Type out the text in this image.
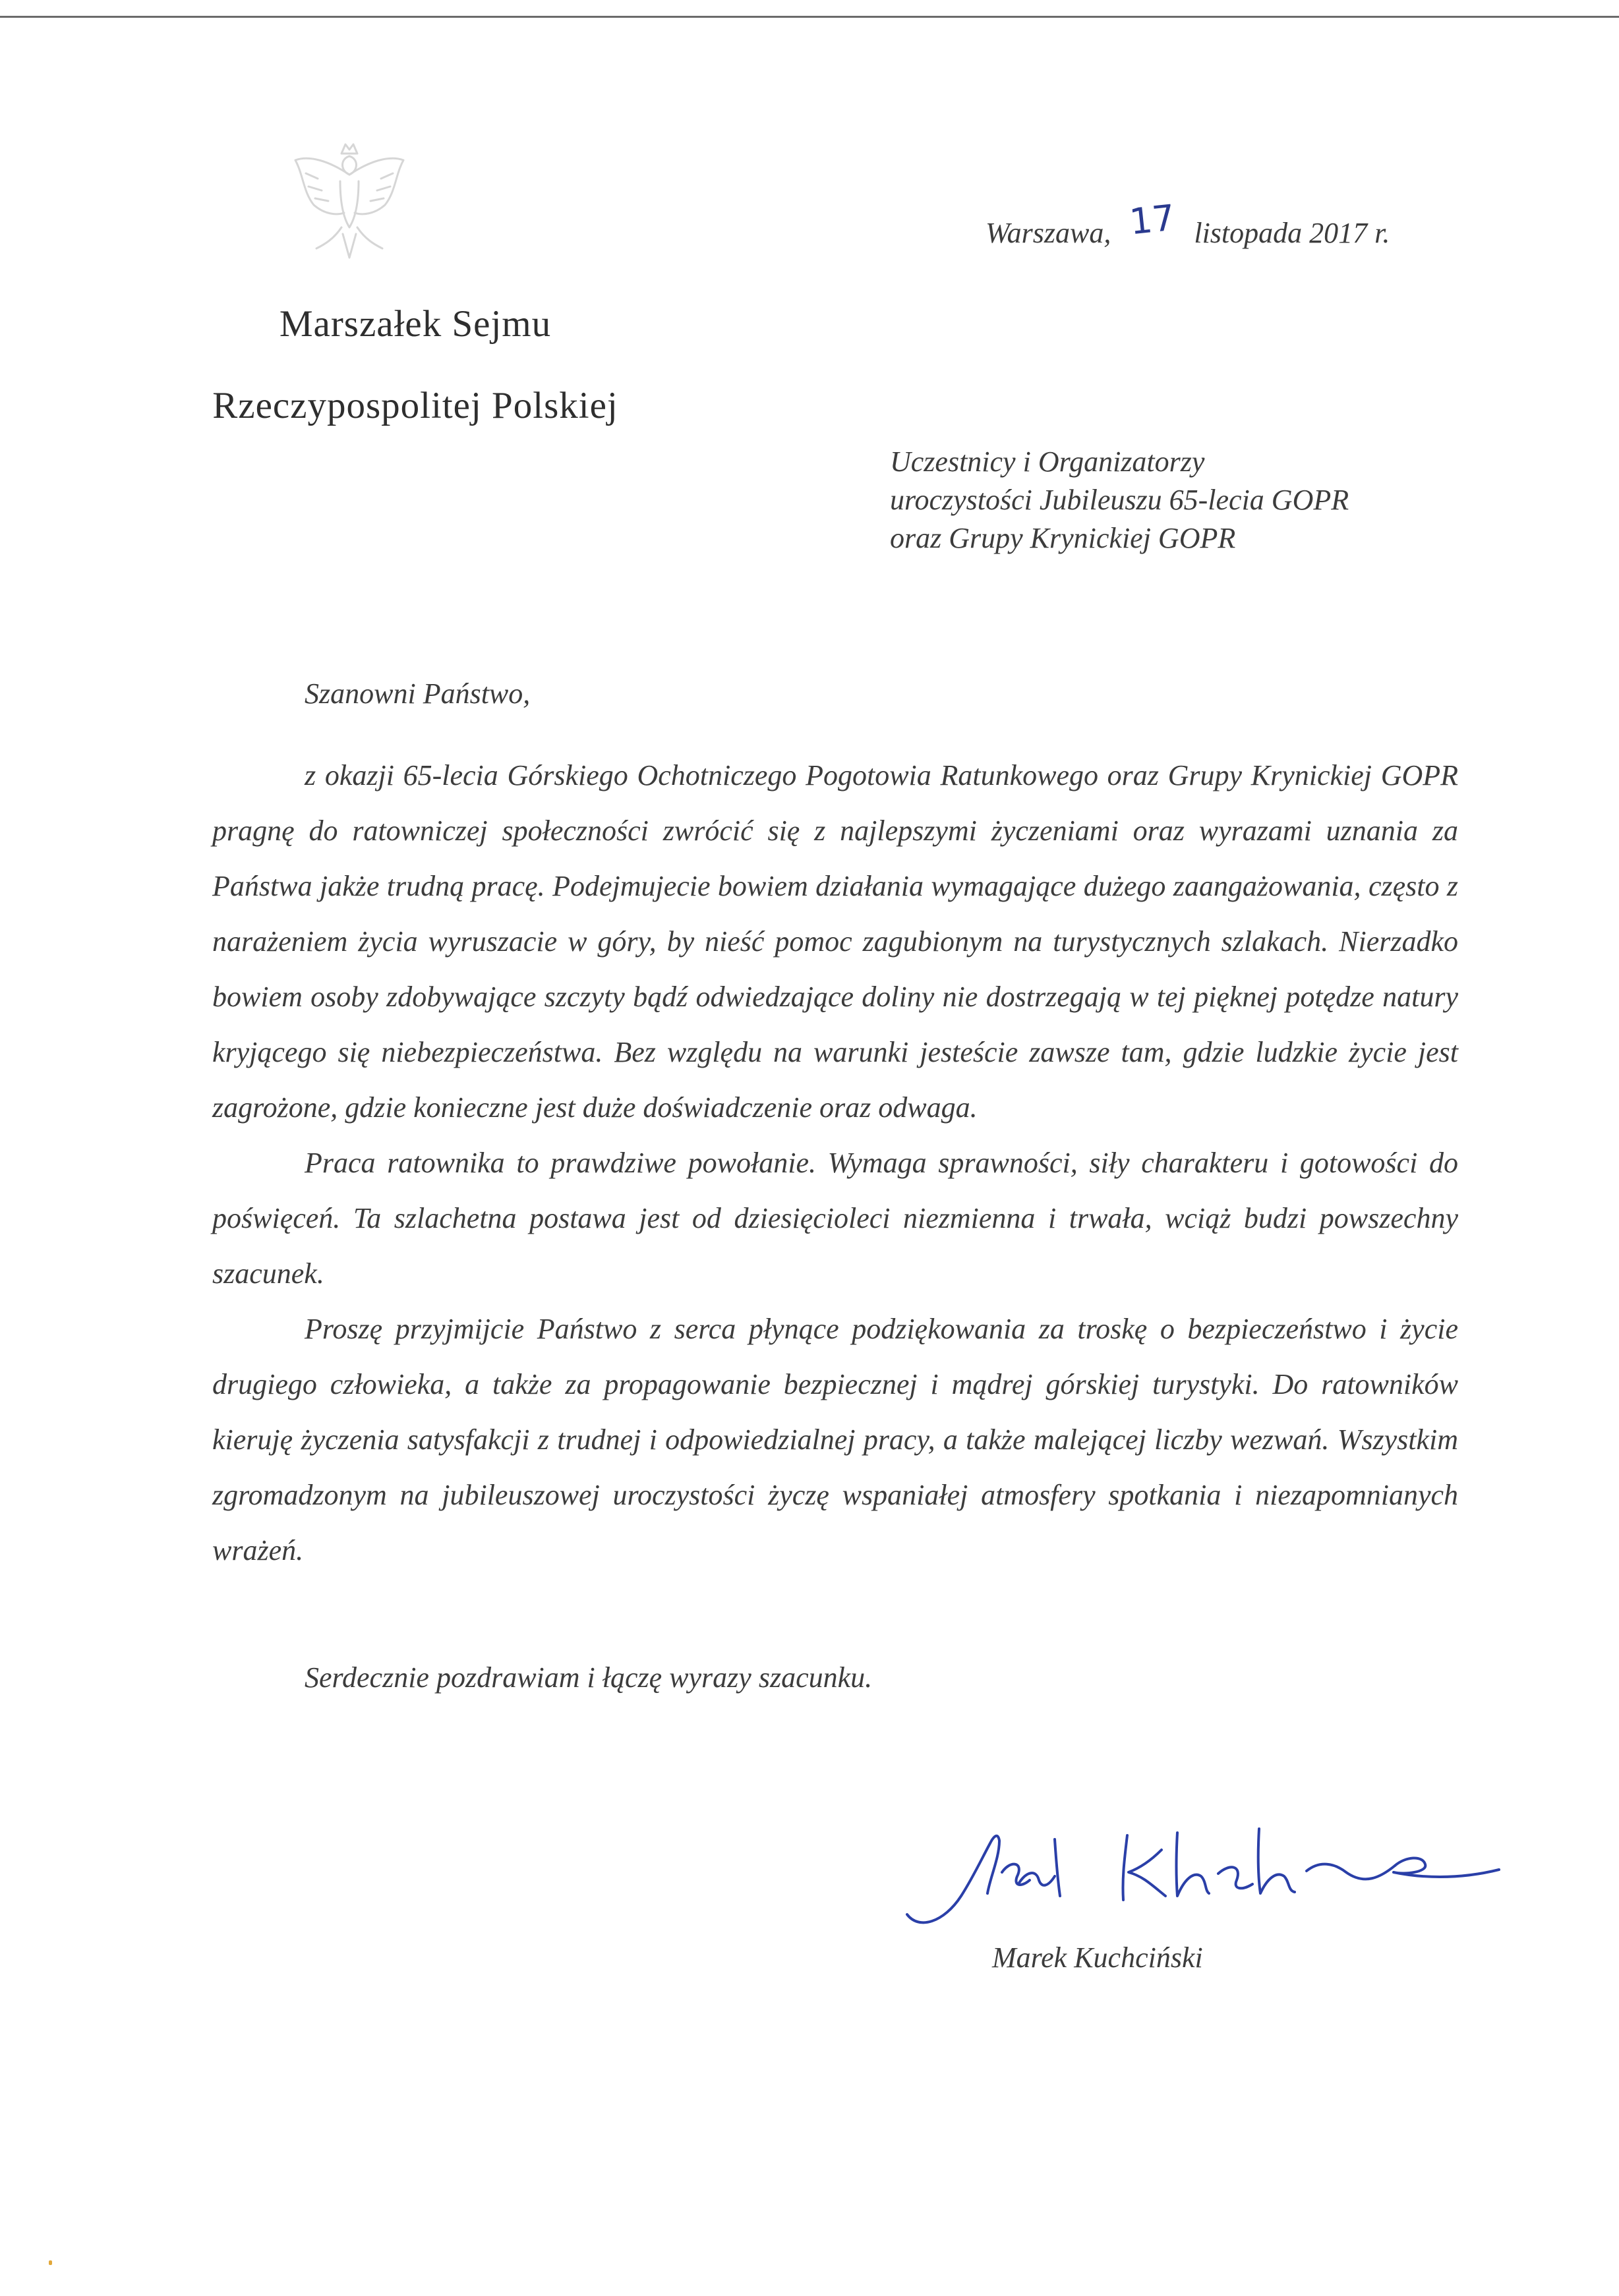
Marszałek Sejmu
Rzeczypospolitej Polskiej
Warszawa, 17 listopada 2017 r.
Uczestnicy i Organizatorzy
uroczystości Jubileuszu 65-lecia GOPR
oraz Grupy Krynickiej GOPR
Szanowni Państwo,

z okazji 65-lecia Górskiego Ochotniczego Pogotowia Ratunkowego oraz Grupy Krynickiej GOPR pragnę do ratowniczej społeczności zwrócić się z najlepszymi życzeniami oraz wyrazami uznania za Państwa jakże trudną pracę. Podejmujecie bowiem działania wymagające dużego zaangażowania, często z narażeniem życia wyruszacie w góry, by nieść pomoc zagubionym na turystycznych szlakach. Nierzadko bowiem osoby zdobywające szczyty bądź odwiedzające doliny nie dostrzegają w tej pięknej potędze natury kryjącego się niebezpieczeństwa. Bez względu na warunki jesteście zawsze tam, gdzie ludzkie życie jest zagrożone, gdzie konieczne jest duże doświadczenie oraz odwaga.

Praca ratownika to prawdziwe powołanie. Wymaga sprawności, siły charakteru i gotowości do poświęceń. Ta szlachetna postawa jest od dziesięcioleci niezmienna i trwała, wciąż budzi powszechny szacunek.

Proszę przyjmijcie Państwo z serca płynące podziękowania za troskę o bezpieczeństwo i życie drugiego człowieka, a także za propagowanie bezpiecznej i mądrej górskiej turystyki. Do ratowników kieruję życzenia satysfakcji z trudnej i odpowiedzialnej pracy, a także malejącej liczby wezwań. Wszystkim zgromadzonym na jubileuszowej uroczystości życzę wspaniałej atmosfery spotkania i niezapomnianych wrażeń.

Serdecznie pozdrawiam i łączę wyrazy szacunku.
Marek Kuchciński
